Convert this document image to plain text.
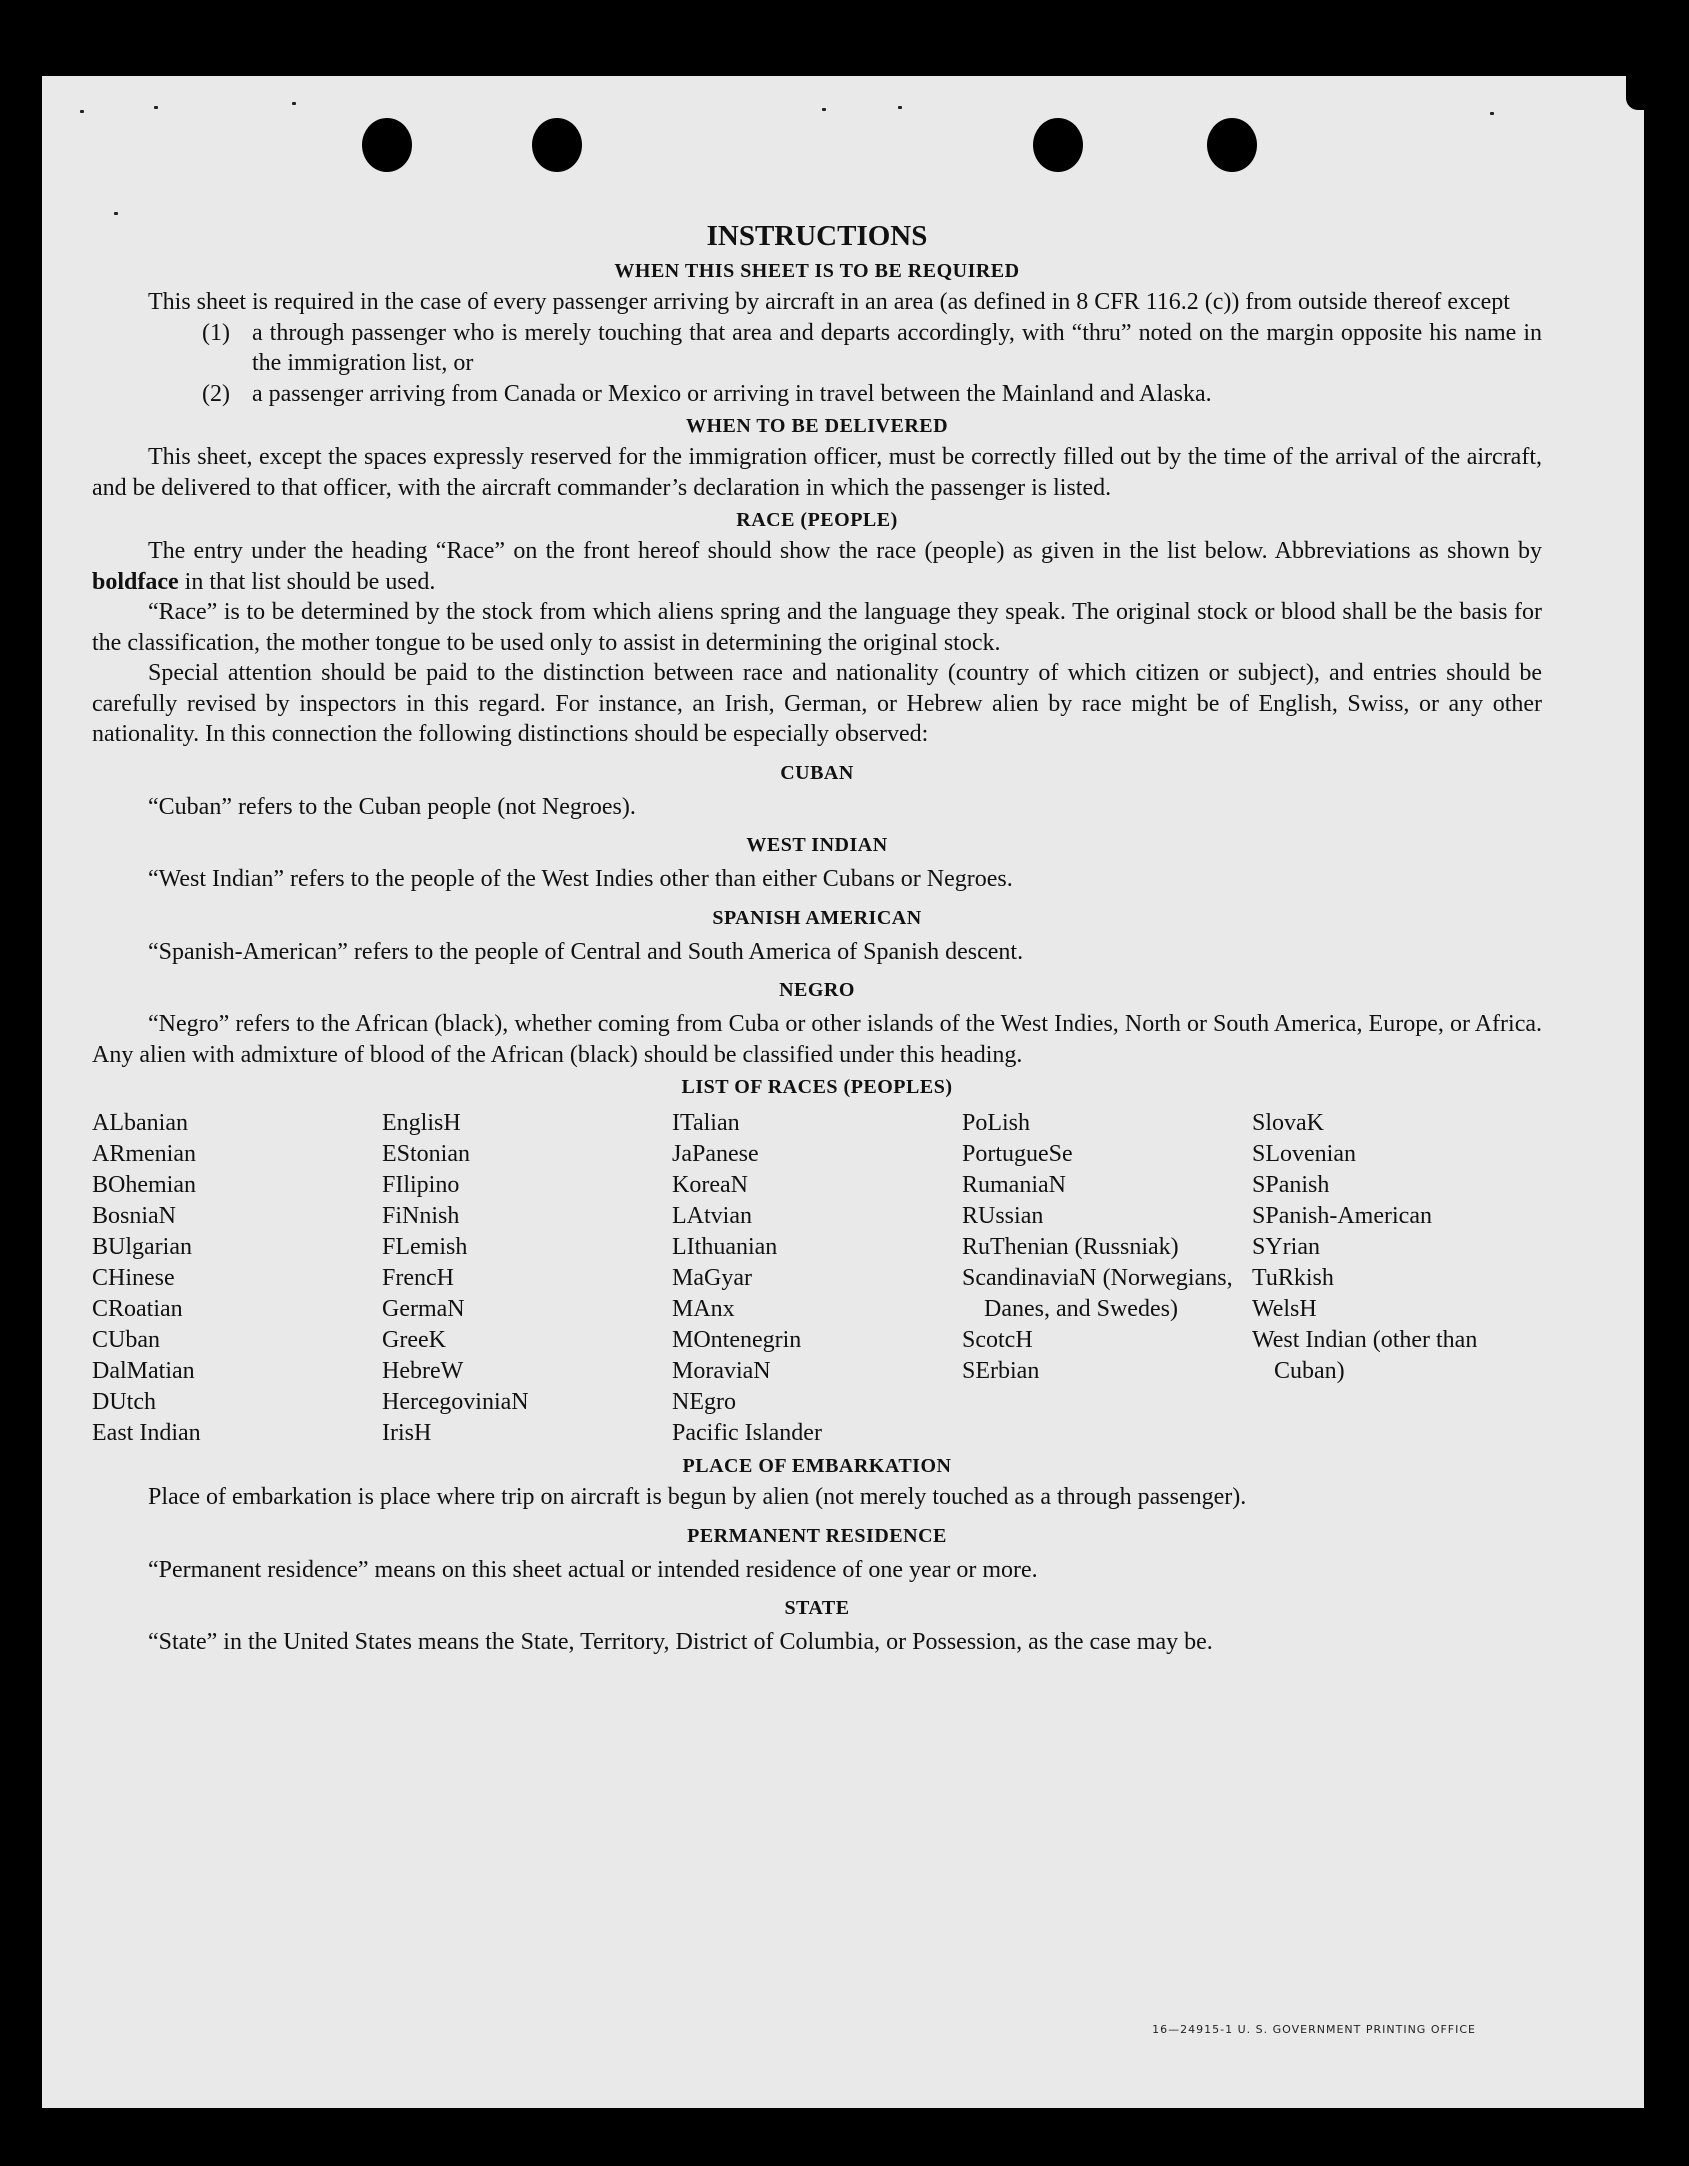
INSTRUCTIONS
WHEN THIS SHEET IS TO BE REQUIRED

This sheet is required in the case of every passenger arriving by aircraft in an area (as defined in 8 CFR 116.2 (c)) from outside thereof except

(1) a through passenger who is merely touching that area and departs accordingly, with “thru” noted on the margin opposite his name in the immigration list, or
(2) a passenger arriving from Canada or Mexico or arriving in travel between the Mainland and Alaska.
WHEN TO BE DELIVERED

This sheet, except the spaces expressly reserved for the immigration officer, must be correctly filled out by the time of the arrival of the aircraft, and be delivered to that officer, with the aircraft commander’s declaration in which the passenger is listed.

RACE (PEOPLE)

The entry under the heading “Race” on the front hereof should show the race (people) as given in the list below. Abbreviations as shown by boldface in that list should be used.

“Race” is to be determined by the stock from which aliens spring and the language they speak. The original stock or blood shall be the basis for the classification, the mother tongue to be used only to assist in determining the original stock.

Special attention should be paid to the distinction between race and nationality (country of which citizen or subject), and entries should be carefully revised by inspectors in this regard. For instance, an Irish, German, or Hebrew alien by race might be of English, Swiss, or any other nationality. In this connection the following distinctions should be especially observed:

CUBAN

“Cuban” refers to the Cuban people (not Negroes).

WEST INDIAN

“West Indian” refers to the people of the West Indies other than either Cubans or Negroes.

SPANISH AMERICAN

“Spanish-American” refers to the people of Central and South America of Spanish descent.

NEGRO

“Negro” refers to the African (black), whether coming from Cuba or other islands of the West Indies, North or South America, Europe, or Africa. Any alien with admixture of blood of the African (black) should be classified under this heading.

LIST OF RACES (PEOPLES)
ALbanian
ARmenian
BOhemian
BosniaN
BUlgarian
CHinese
CRoatian
CUban
DalMatian
DUtch
East Indian
EnglisH
EStonian
FIlipino
FiNnish
FLemish
FrencH
GermaN
GreeK
HebreW
HercegoviniaN
IrisH
ITalian
JaPanese
KoreaN
LAtvian
LIthuanian
MaGyar
MAnx
MOntenegrin
MoraviaN
NEgro
Pacific Islander
PoLish
PortugueSe
RumaniaN
RUssian
RuThenian (Russniak)
ScandinaviaN (Norwegians, Danes, and Swedes)
ScotcH
SErbian
SlovaK
SLovenian
SPanish
SPanish-American
SYrian
TuRkish
WelsH
West Indian (other than Cuban)
PLACE OF EMBARKATION

Place of embarkation is place where trip on aircraft is begun by alien (not merely touched as a through passenger).

PERMANENT RESIDENCE

“Permanent residence” means on this sheet actual or intended residence of one year or more.

STATE

“State” in the United States means the State, Territory, District of Columbia, or Possession, as the case may be.

16—24915-1 U. S. GOVERNMENT PRINTING OFFICE
